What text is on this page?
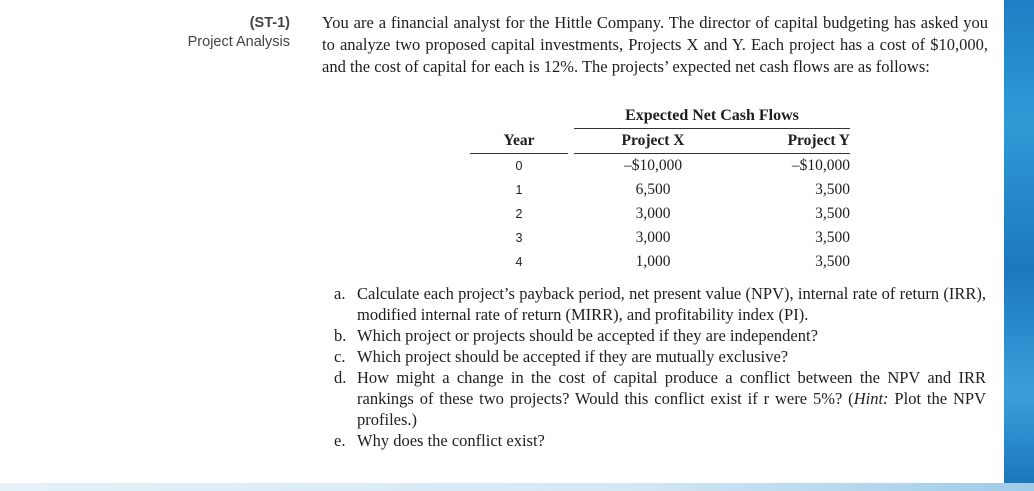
(ST-1)
Project Analysis
You are a financial analyst for the Hittle Company. The director of capital budgeting has asked you to analyze two proposed capital investments, Projects X and Y. Each project has a cost of $10,000, and the cost of capital for each is 12%. The projects’ expected net cash flows are as follows:
		Expected Net Cash Flows	
Year		Project X	Project Y
0		–$10,000	–$10,000
1		6,500	3,500
2		3,000	3,500
3		3,000	3,500
4		1,000	3,500
a. Calculate each project’s payback period, net present value (NPV), internal rate of return (IRR), modified internal rate of return (MIRR), and profitability index (PI).
b. Which project or projects should be accepted if they are independent?
c. Which project should be accepted if they are mutually exclusive?
d. How might a change in the cost of capital produce a conflict between the NPV and IRR rankings of these two projects? Would this conflict exist if r were 5%? (Hint: Plot the NPV profiles.)
e. Why does the conflict exist?
